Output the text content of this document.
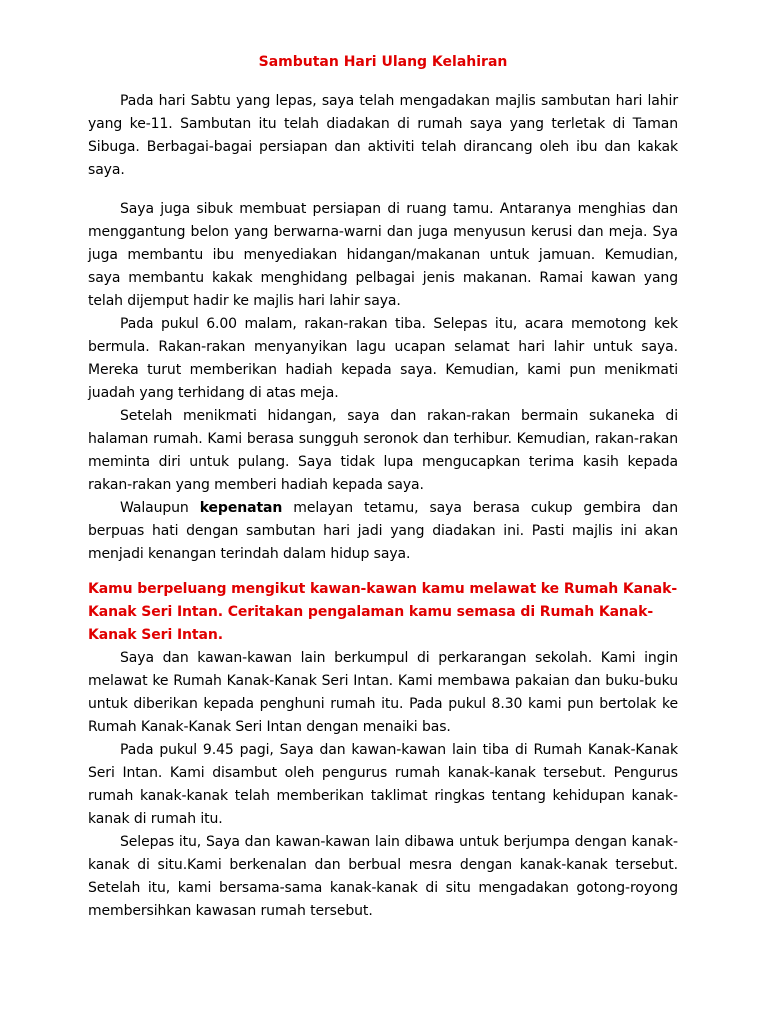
Sambutan Hari Ulang Kelahiran

Pada hari Sabtu yang lepas, saya telah mengadakan majlis sambutan hari lahir yang ke-11. Sambutan itu telah diadakan di rumah saya yang terletak di Taman Sibuga. Berbagai-bagai persiapan dan aktiviti telah dirancang oleh ibu dan kakak saya.

Saya juga sibuk membuat persiapan di ruang tamu. Antaranya menghias dan menggantung belon yang berwarna-warni dan juga menyusun kerusi dan meja. Sya juga membantu ibu menyediakan hidangan/makanan untuk jamuan. Kemudian, saya membantu kakak menghidang pelbagai jenis makanan. Ramai kawan yang telah dijemput hadir ke majlis hari lahir saya.

Pada pukul 6.00 malam, rakan-rakan tiba. Selepas itu, acara memotong kek bermula. Rakan-rakan menyanyikan lagu ucapan selamat hari lahir untuk saya. Mereka turut memberikan hadiah kepada saya. Kemudian, kami pun menikmati juadah yang terhidang di atas meja.

Setelah menikmati hidangan, saya dan rakan-rakan bermain sukaneka di halaman rumah. Kami berasa sungguh seronok dan terhibur. Kemudian, rakan-rakan meminta diri untuk pulang. Saya tidak lupa mengucapkan terima kasih kepada rakan-rakan yang memberi hadiah kepada saya.

Walaupun kepenatan melayan tetamu, saya berasa cukup gembira dan berpuas hati dengan sambutan hari jadi yang diadakan ini. Pasti majlis ini akan menjadi kenangan terindah dalam hidup saya.

Kamu berpeluang mengikut kawan-kawan kamu melawat ke Rumah Kanak-Kanak Seri Intan. Ceritakan pengalaman kamu semasa di Rumah Kanak-Kanak Seri Intan.

Saya dan kawan-kawan lain berkumpul di perkarangan sekolah. Kami ingin melawat ke Rumah Kanak-Kanak Seri Intan. Kami membawa pakaian dan buku-buku untuk diberikan kepada penghuni rumah itu. Pada pukul 8.30 kami pun bertolak ke Rumah Kanak-Kanak Seri Intan dengan menaiki bas.

Pada pukul 9.45 pagi, Saya dan kawan-kawan lain tiba di Rumah Kanak-Kanak Seri Intan. Kami disambut oleh pengurus rumah kanak-kanak tersebut. Pengurus rumah kanak-kanak telah memberikan taklimat ringkas tentang kehidupan kanak-kanak di rumah itu.

Selepas itu, Saya dan kawan-kawan lain dibawa untuk berjumpa dengan kanak-kanak di situ.Kami berkenalan dan berbual mesra dengan kanak-kanak tersebut. Setelah itu, kami bersama-sama kanak-kanak di situ mengadakan gotong-royong membersihkan kawasan rumah tersebut.
